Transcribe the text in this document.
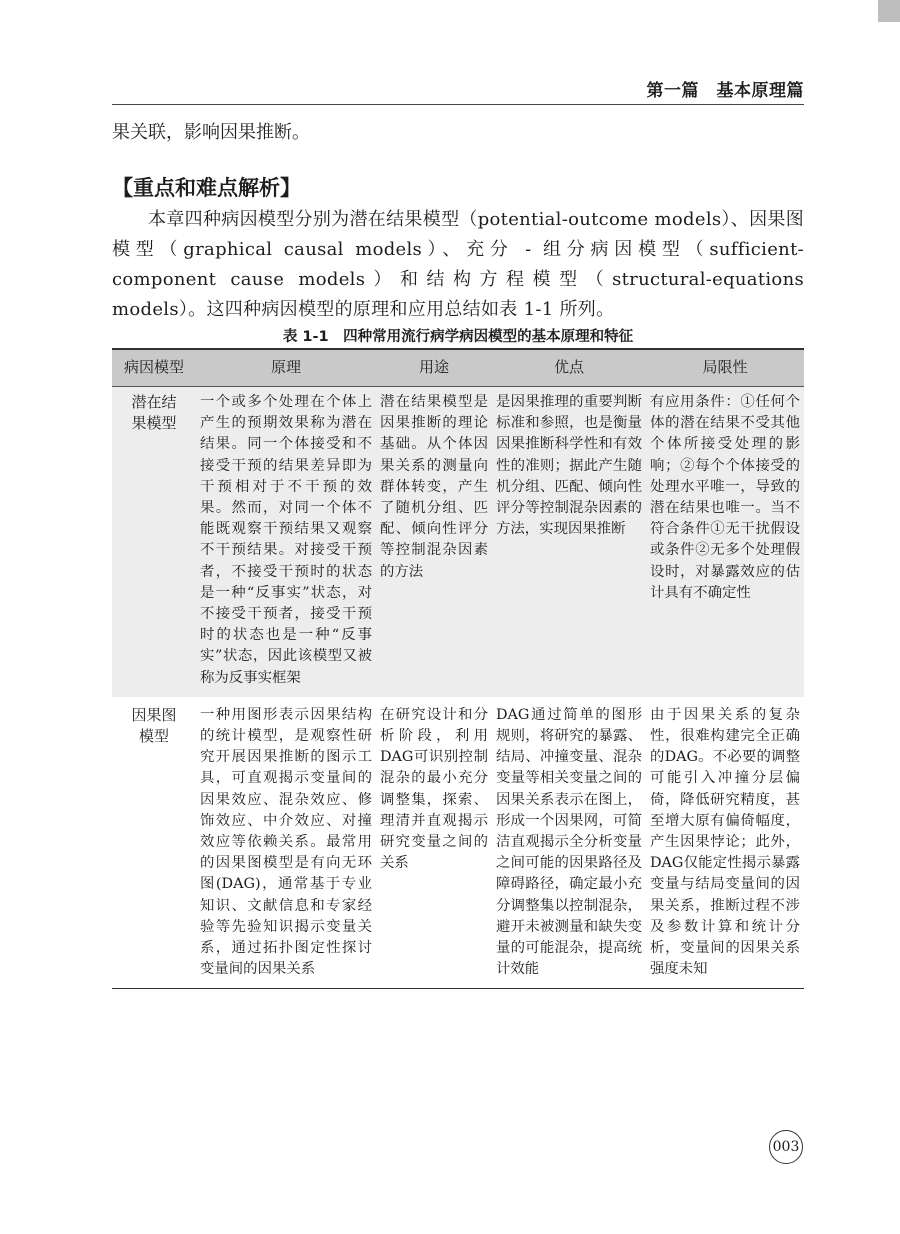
第一篇　基本原理篇
果关联，影响因果推断。
【重点和难点解析】
本章四种病因模型分别为潜在结果模型（potential-outcome models）、因果图模型（graphical causal models）、充分 - 组分病因模型（sufficient-component cause models）和结构方程模型（structural-equations models）。这四种病因模型的原理和应用总结如表 1-1 所列。
表 1-1　四种常用流行病学病因模型的基本原理和特征
病因模型	原理	用途	优点	局限性

潜在结果模型	一个或多个处理在个体上产生的预期效果称为潜在结果。同一个体接受和不接受干预的结果差异即为干预相对于不干预的效果。然而，对同一个体不能既观察干预结果又观察不干预结果。对接受干预者，不接受干预时的状态是一种“反事实”状态，对不接受干预者，接受干预时的状态也是一种“反事实”状态，因此该模型又被称为反事实框架	潜在结果模型是因果推断的理论基础。从个体因果关系的测量向群体转变，产生了随机分组、匹配、倾向性评分等控制混杂因素的方法	是因果推理的重要判断标准和参照，也是衡量因果推断科学性和有效性的准则；据此产生随机分组、匹配、倾向性评分等控制混杂因素的方法，实现因果推断	有应用条件：①任何个体的潜在结果不受其他个体所接受处理的影响；②每个个体接受的处理水平唯一，导致的潜在结果也唯一。当不符合条件①无干扰假设或条件②无多个处理假设时，对暴露效应的估计具有不确定性

因果图模型	一种用图形表示因果结构的统计模型，是观察性研究开展因果推断的图示工具，可直观揭示变量间的因果效应、混杂效应、修饰效应、中介效应、对撞效应等依赖关系。最常用的因果图模型是有向无环图(DAG)，通常基于专业知识、文献信息和专家经验等先验知识揭示变量关系，通过拓扑图定性探讨变量间的因果关系	在研究设计和分析阶段，利用DAG可识别控制混杂的最小充分调整集，探索、理清并直观揭示研究变量之间的关系	DAG通过简单的图形规则，将研究的暴露、结局、冲撞变量、混杂变量等相关变量之间的因果关系表示在图上，形成一个因果网，可简洁直观揭示全分析变量之间可能的因果路径及障碍路径，确定最小充分调整集以控制混杂，避开未被测量和缺失变量的可能混杂，提高统计效能	由于因果关系的复杂性，很难构建完全正确的DAG。不必要的调整可能引入冲撞分层偏倚，降低研究精度，甚至增大原有偏倚幅度，产生因果悖论；此外，DAG仅能定性揭示暴露变量与结局变量间的因果关系，推断过程不涉及参数计算和统计分析，变量间的因果关系强度未知
003
